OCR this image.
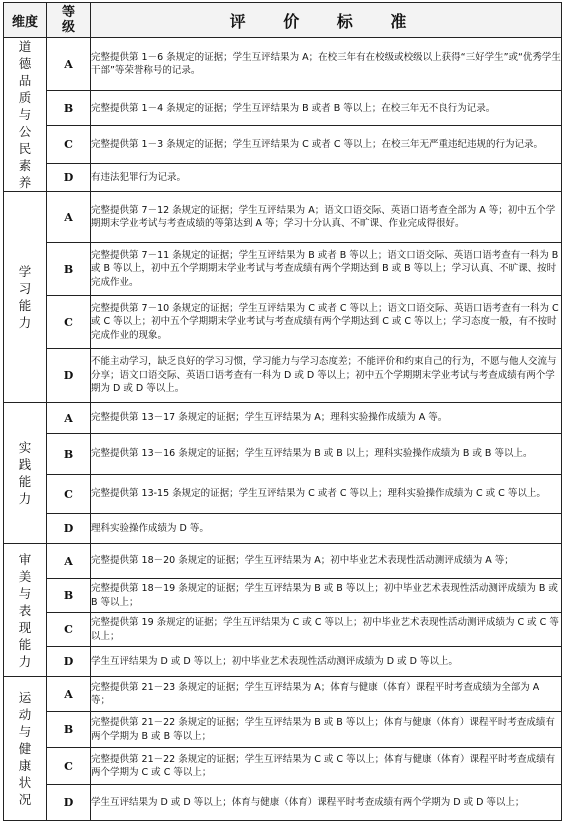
维度	等级	评 价 标 准
道德品质与公民素养	A	完整提供第 1－6 条规定的证据；学生互评结果为 A；在校三年有在校级或校级以上获得“三好学生”或“优秀学生干部”等荣誉称号的记录。
	B	完整提供第 1－4 条规定的证据；学生互评结果为 B 或者 B 等以上；在校三年无不良行为记录。
	C	完整提供第 1－3 条规定的证据；学生互评结果为 C 或者 C 等以上；在校三年无严重违纪违规的行为记录。
	D	有违法犯罪行为记录。
学习能力	A	完整提供第 7－12 条规定的证据；学生互评结果为 A；语文口语交际、英语口语考查全部为 A 等；初中五个学期期末学业考试与考查成绩的等第达到 A 等；学习十分认真、不旷课、作业完成得很好。
	B	完整提供第 7－11 条规定的证据；学生互评结果为 B 或者 B 等以上；语文口语交际、英语口语考查有一科为 B 或 B 等以上，初中五个学期期末学业考试与考查成绩有两个学期达到 B 或 B 等以上；学习认真、不旷课、按时完成作业。
	C	完整提供第 7－10 条规定的证据；学生互评结果为 C 或者 C 等以上；语文口语交际、英语口语考查有一科为 C 或 C 等以上；初中五个学期期末学业考试与考查成绩有两个学期达到 C 或 C 等以上；学习态度一般，有不按时完成作业的现象。
	D	不能主动学习，缺乏良好的学习习惯，学习能力与学习态度差；不能评价和约束自己的行为，不愿与他人交流与分享；语文口语交际、英语口语考查有一科为 D 或 D 等以上；初中五个学期期末学业考试与考查成绩有两个学期为 D 或 D 等以上。
实践能力	A	完整提供第 13－17 条规定的证据；学生互评结果为 A；理科实验操作成绩为 A 等。
	B	完整提供第 13－16 条规定的证据；学生互评结果为 B 或 B 以上；理科实验操作成绩为 B 或 B 等以上。
	C	完整提供第 13-15 条规定的证据；学生互评结果为 C 或者 C 等以上；理科实验操作成绩为 C 或 C 等以上。
	D	理科实验操作成绩为 D 等。
审美与表现能力	A	完整提供第 18－20 条规定的证据；学生互评结果为 A；初中毕业艺术表现性活动测评成绩为 A 等；
	B	完整提供第 18－19 条规定的证据；学生互评结果为 B 或 B 等以上；初中毕业艺术表现性活动测评成绩为 B 或 B 等以上；
	C	完整提供第 19 条规定的证据；学生互评结果为 C 或 C 等以上；初中毕业艺术表现性活动测评成绩为 C 或 C 等以上；
	D	学生互评结果为 D 或 D 等以上；初中毕业艺术表现性活动测评成绩为 D 或 D 等以上。
运动与健康状况	A	完整提供第 21－23 条规定的证据；学生互评结果为 A；体育与健康（体育）课程平时考查成绩为全部为 A 等；
	B	完整提供第 21－22 条规定的证据；学生互评结果为 B 或 B 等以上；体育与健康（体育）课程平时考查成绩有两个学期为 B 或 B 等以上；
	C	完整提供第 21－22 条规定的证据；学生互评结果为 C 或 C 等以上；体育与健康（体育）课程平时考查成绩有两个学期为 C 或 C 等以上；
	D	学生互评结果为 D 或 D 等以上；体育与健康（体育）课程平时考查成绩有两个学期为 D 或 D 等以上；
